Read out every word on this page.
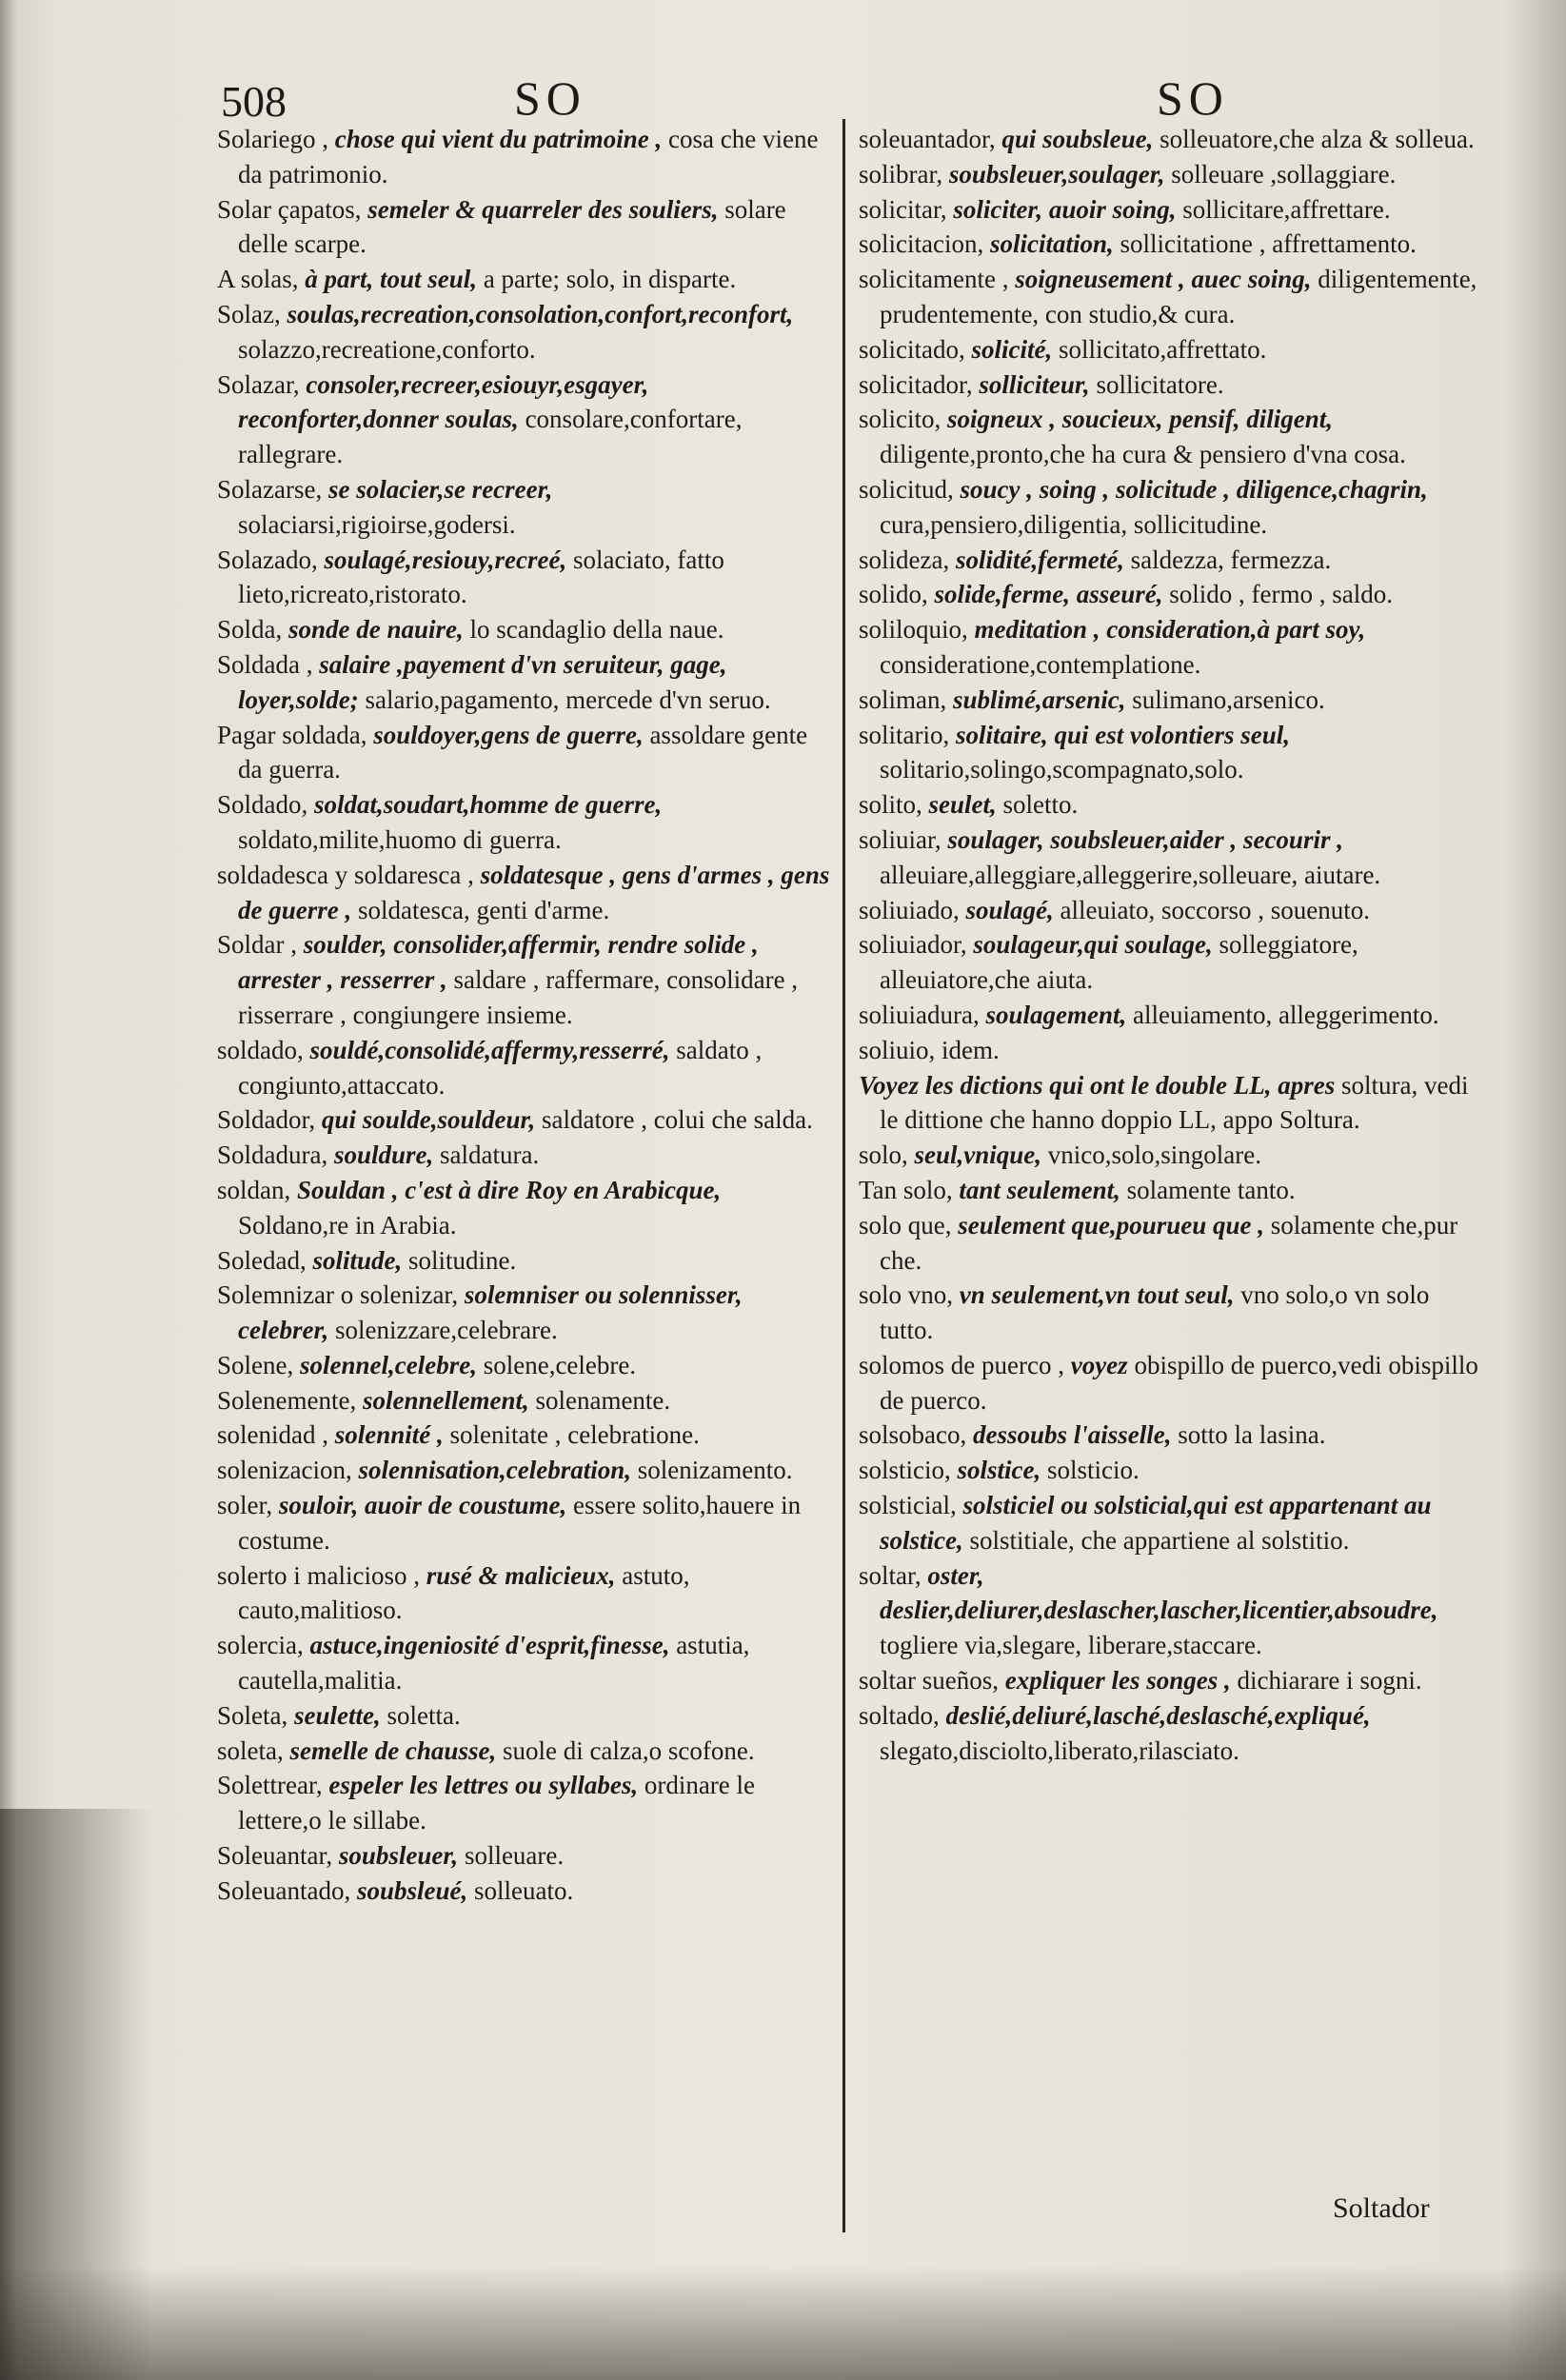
508	SO	SO

Solariego , chose qui vient du patrimoine , cosa che viene da patrimonio.

Solar çapatos, semeler & quarreler des souliers, solare delle scarpe.

A solas, à part, tout seul, a parte; solo, in disparte.

Solaz, soulas,recreation,consolation,confort,reconfort, solazzo,recreatione,conforto.

Solazar, consoler,recreer,esiouyr,esgayer, reconforter,donner soulas, consolare,confortare, rallegrare.

Solazarse, se solacier,se recreer, solaciarsi,rigioirse,godersi.

Solazado, soulagé,resiouy,recreé, solaciato, fatto lieto,ricreato,ristorato.

Solda, sonde de nauire, lo scandaglio della naue.

Soldada , salaire ,payement d'vn seruiteur, gage, loyer,solde; salario,pagamento, mercede d'vn seruo.

Pagar soldada, souldoyer,gens de guerre, assoldare gente da guerra.

Soldado, soldat,soudart,homme de guerre, soldato,milite,huomo di guerra.

soldadesca y soldaresca , soldatesque , gens d'armes , gens de guerre , soldatesca, genti d'arme.

Soldar , soulder, consolider,affermir, rendre solide , arrester , resserrer , saldare , raffermare, consolidare , risserrare , congiungere insieme.

soldado, souldé,consolidé,affermy,resserré, saldato , congiunto,attaccato.

Soldador, qui soulde,souldeur, saldatore , colui che salda.

Soldadura, souldure, saldatura.

soldan, Souldan , c'est à dire Roy en Arabicque, Soldano,re in Arabia.

Soledad, solitude, solitudine.

Solemnizar o solenizar, solemniser ou solennisser, celebrer, solenizzare,celebrare.

Solene, solennel,celebre, solene,celebre.

Solenemente, solennellement, solenamente.

solenidad , solennité , solenitate , celebratione.

solenizacion, solennisation,celebration, solenizamento.

soler, souloir, auoir de coustume, essere solito,hauere in costume.

solerto i malicioso , rusé & malicieux, astuto, cauto,malitioso.

solercia, astuce,ingeniosité d'esprit,finesse, astutia, cautella,malitia.

Soleta, seulette, soletta.

soleta, semelle de chausse, suole di calza,o scofone.

Solettrear, espeler les lettres ou syllabes, ordinare le lettere,o le sillabe.

Soleuantar, soubsleuer, solleuare.

Soleuantado, soubsleué, solleuato.

soleuantador, qui soubsleue, solleuatore,che alza & solleua.

solibrar, soubsleuer,soulager, solleuare ,sollaggiare.

solicitar, soliciter, auoir soing, sollicitare,affrettare.

solicitacion, solicitation, sollicitatione , affrettamento.

solicitamente , soigneusement , auec soing, diligentemente, prudentemente, con studio,& cura.

solicitado, solicité, sollicitato,affrettato.

solicitador, solliciteur, sollicitatore.

solicito, soigneux , soucieux, pensif, diligent, diligente,pronto,che ha cura & pensiero d'vna cosa.

solicitud, soucy , soing , solicitude , diligence,chagrin, cura,pensiero,diligentia, sollicitudine.

solideza, solidité,fermeté, saldezza, fermezza.

solido, solide,ferme, asseuré, solido , fermo , saldo.

soliloquio, meditation , consideration,à part soy, consideratione,contemplatione.

soliman, sublimé,arsenic, sulimano,arsenico.

solitario, solitaire, qui est volontiers seul, solitario,solingo,scompagnato,solo.

solito, seulet, soletto.

soliuiar, soulager, soubsleuer,aider , secourir , alleuiare,alleggiare,alleggerire,solleuare, aiutare.

soliuiado, soulagé, alleuiato, soccorso , souenuto.

soliuiador, soulageur,qui soulage, solleggiatore, alleuiatore,che aiuta.

soliuiadura, soulagement, alleuiamento, alleggerimento.

soliuio, idem.

Voyez les dictions qui ont le double LL, apres soltura, vedi le dittione che hanno doppio LL, appo Soltura.

solo, seul,vnique, vnico,solo,singolare.

Tan solo, tant seulement, solamente tanto.

solo que, seulement que,pourueu que , solamente che,pur che.

solo vno, vn seulement,vn tout seul, vno solo,o vn solo tutto.

solomos de puerco , voyez obispillo de puerco,vedi obispillo de puerco.

solsobaco, dessoubs l'aisselle, sotto la lasina.

solsticio, solstice, solsticio.

solsticial, solsticiel ou solsticial,qui est appartenant au solstice, solstitiale, che appartiene al solstitio.

soltar, oster, deslier,deliurer,deslascher,lascher,licentier,absoudre, togliere via,slegare, liberare,staccare.

soltar sueños, expliquer les songes , dichiarare i sogni.

soltado, deslié,deliuré,lasché,deslasché,expliqué, slegato,disciolto,liberato,rilasciato.

Soltador
